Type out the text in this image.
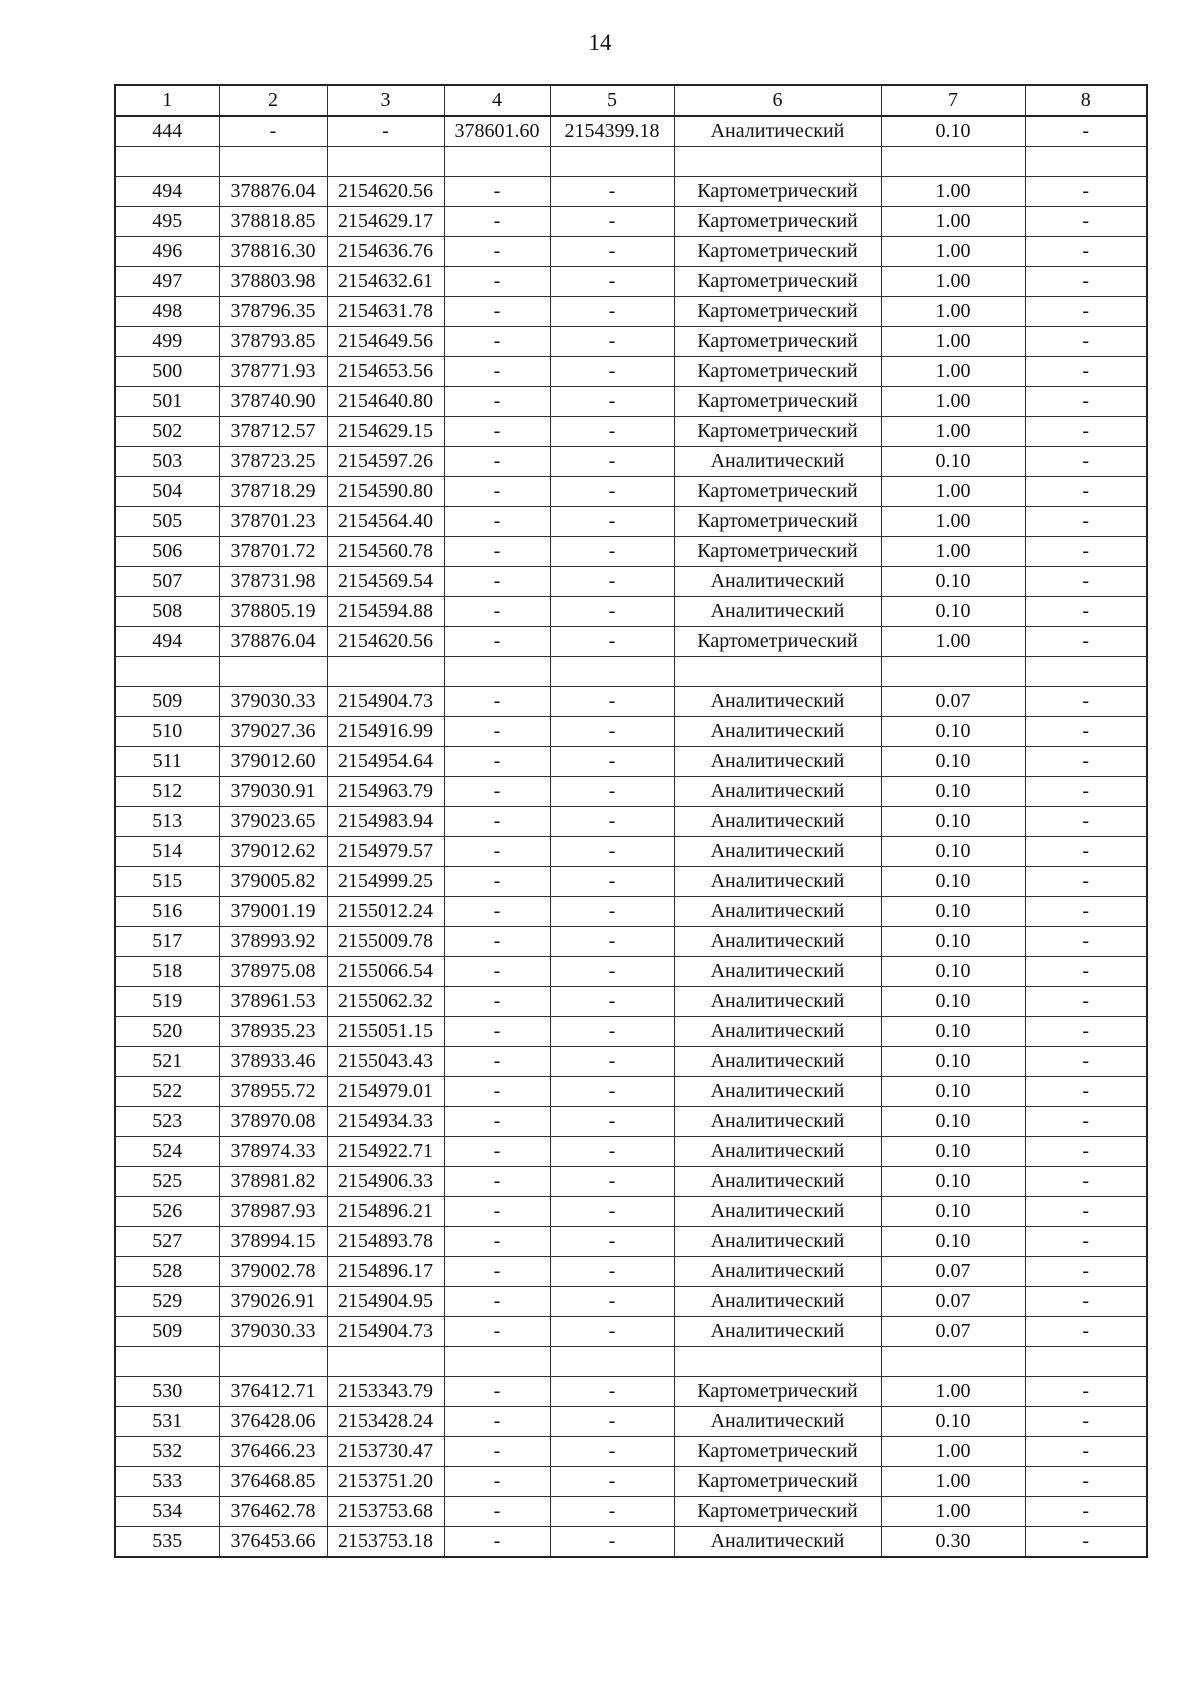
14
1	2	3	4	5	6	7	8
444	-	-	378601.60	2154399.18	Аналитический	0.10	-

494	378876.04	2154620.56	-	-	Картометрический	1.00	-
495	378818.85	2154629.17	-	-	Картометрический	1.00	-
496	378816.30	2154636.76	-	-	Картометрический	1.00	-
497	378803.98	2154632.61	-	-	Картометрический	1.00	-
498	378796.35	2154631.78	-	-	Картометрический	1.00	-
499	378793.85	2154649.56	-	-	Картометрический	1.00	-
500	378771.93	2154653.56	-	-	Картометрический	1.00	-
501	378740.90	2154640.80	-	-	Картометрический	1.00	-
502	378712.57	2154629.15	-	-	Картометрический	1.00	-
503	378723.25	2154597.26	-	-	Аналитический	0.10	-
504	378718.29	2154590.80	-	-	Картометрический	1.00	-
505	378701.23	2154564.40	-	-	Картометрический	1.00	-
506	378701.72	2154560.78	-	-	Картометрический	1.00	-
507	378731.98	2154569.54	-	-	Аналитический	0.10	-
508	378805.19	2154594.88	-	-	Аналитический	0.10	-
494	378876.04	2154620.56	-	-	Картометрический	1.00	-

509	379030.33	2154904.73	-	-	Аналитический	0.07	-
510	379027.36	2154916.99	-	-	Аналитический	0.10	-
511	379012.60	2154954.64	-	-	Аналитический	0.10	-
512	379030.91	2154963.79	-	-	Аналитический	0.10	-
513	379023.65	2154983.94	-	-	Аналитический	0.10	-
514	379012.62	2154979.57	-	-	Аналитический	0.10	-
515	379005.82	2154999.25	-	-	Аналитический	0.10	-
516	379001.19	2155012.24	-	-	Аналитический	0.10	-
517	378993.92	2155009.78	-	-	Аналитический	0.10	-
518	378975.08	2155066.54	-	-	Аналитический	0.10	-
519	378961.53	2155062.32	-	-	Аналитический	0.10	-
520	378935.23	2155051.15	-	-	Аналитический	0.10	-
521	378933.46	2155043.43	-	-	Аналитический	0.10	-
522	378955.72	2154979.01	-	-	Аналитический	0.10	-
523	378970.08	2154934.33	-	-	Аналитический	0.10	-
524	378974.33	2154922.71	-	-	Аналитический	0.10	-
525	378981.82	2154906.33	-	-	Аналитический	0.10	-
526	378987.93	2154896.21	-	-	Аналитический	0.10	-
527	378994.15	2154893.78	-	-	Аналитический	0.10	-
528	379002.78	2154896.17	-	-	Аналитический	0.07	-
529	379026.91	2154904.95	-	-	Аналитический	0.07	-
509	379030.33	2154904.73	-	-	Аналитический	0.07	-

530	376412.71	2153343.79	-	-	Картометрический	1.00	-
531	376428.06	2153428.24	-	-	Аналитический	0.10	-
532	376466.23	2153730.47	-	-	Картометрический	1.00	-
533	376468.85	2153751.20	-	-	Картометрический	1.00	-
534	376462.78	2153753.68	-	-	Картометрический	1.00	-
535	376453.66	2153753.18	-	-	Аналитический	0.30	-
